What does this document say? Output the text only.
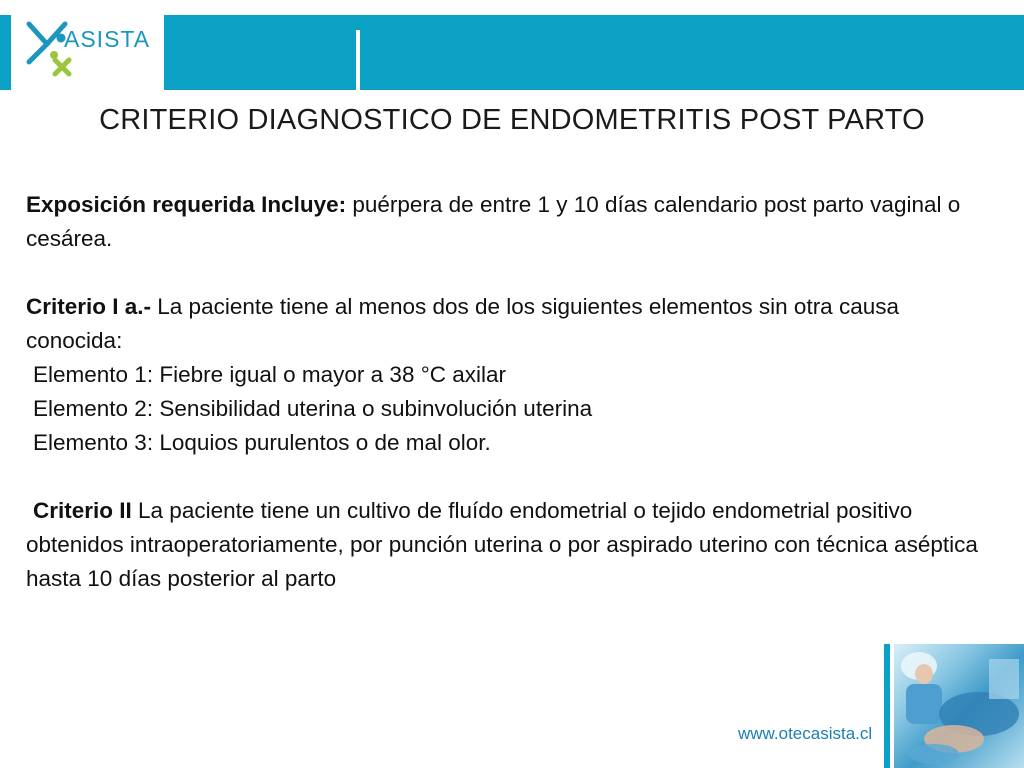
ASISTA
CRITERIO DIAGNOSTICO DE ENDOMETRITIS POST PARTO

Exposición requerida Incluye: puérpera de entre 1 y 10 días calendario post parto vaginal o cesárea.

Criterio I a.- La paciente tiene al menos dos de los siguientes elementos sin otra causa conocida:

Elemento 1: Fiebre igual o mayor a 38 °C axilar

Elemento 2: Sensibilidad uterina o subinvolución uterina

Elemento 3: Loquios purulentos o de mal olor.

Criterio II La paciente tiene un cultivo de fluído endometrial o tejido endometrial positivo obtenidos intraoperatoriamente, por punción uterina o por aspirado uterino con técnica aséptica hasta 10 días posterior al parto

www.otecasista.cl
